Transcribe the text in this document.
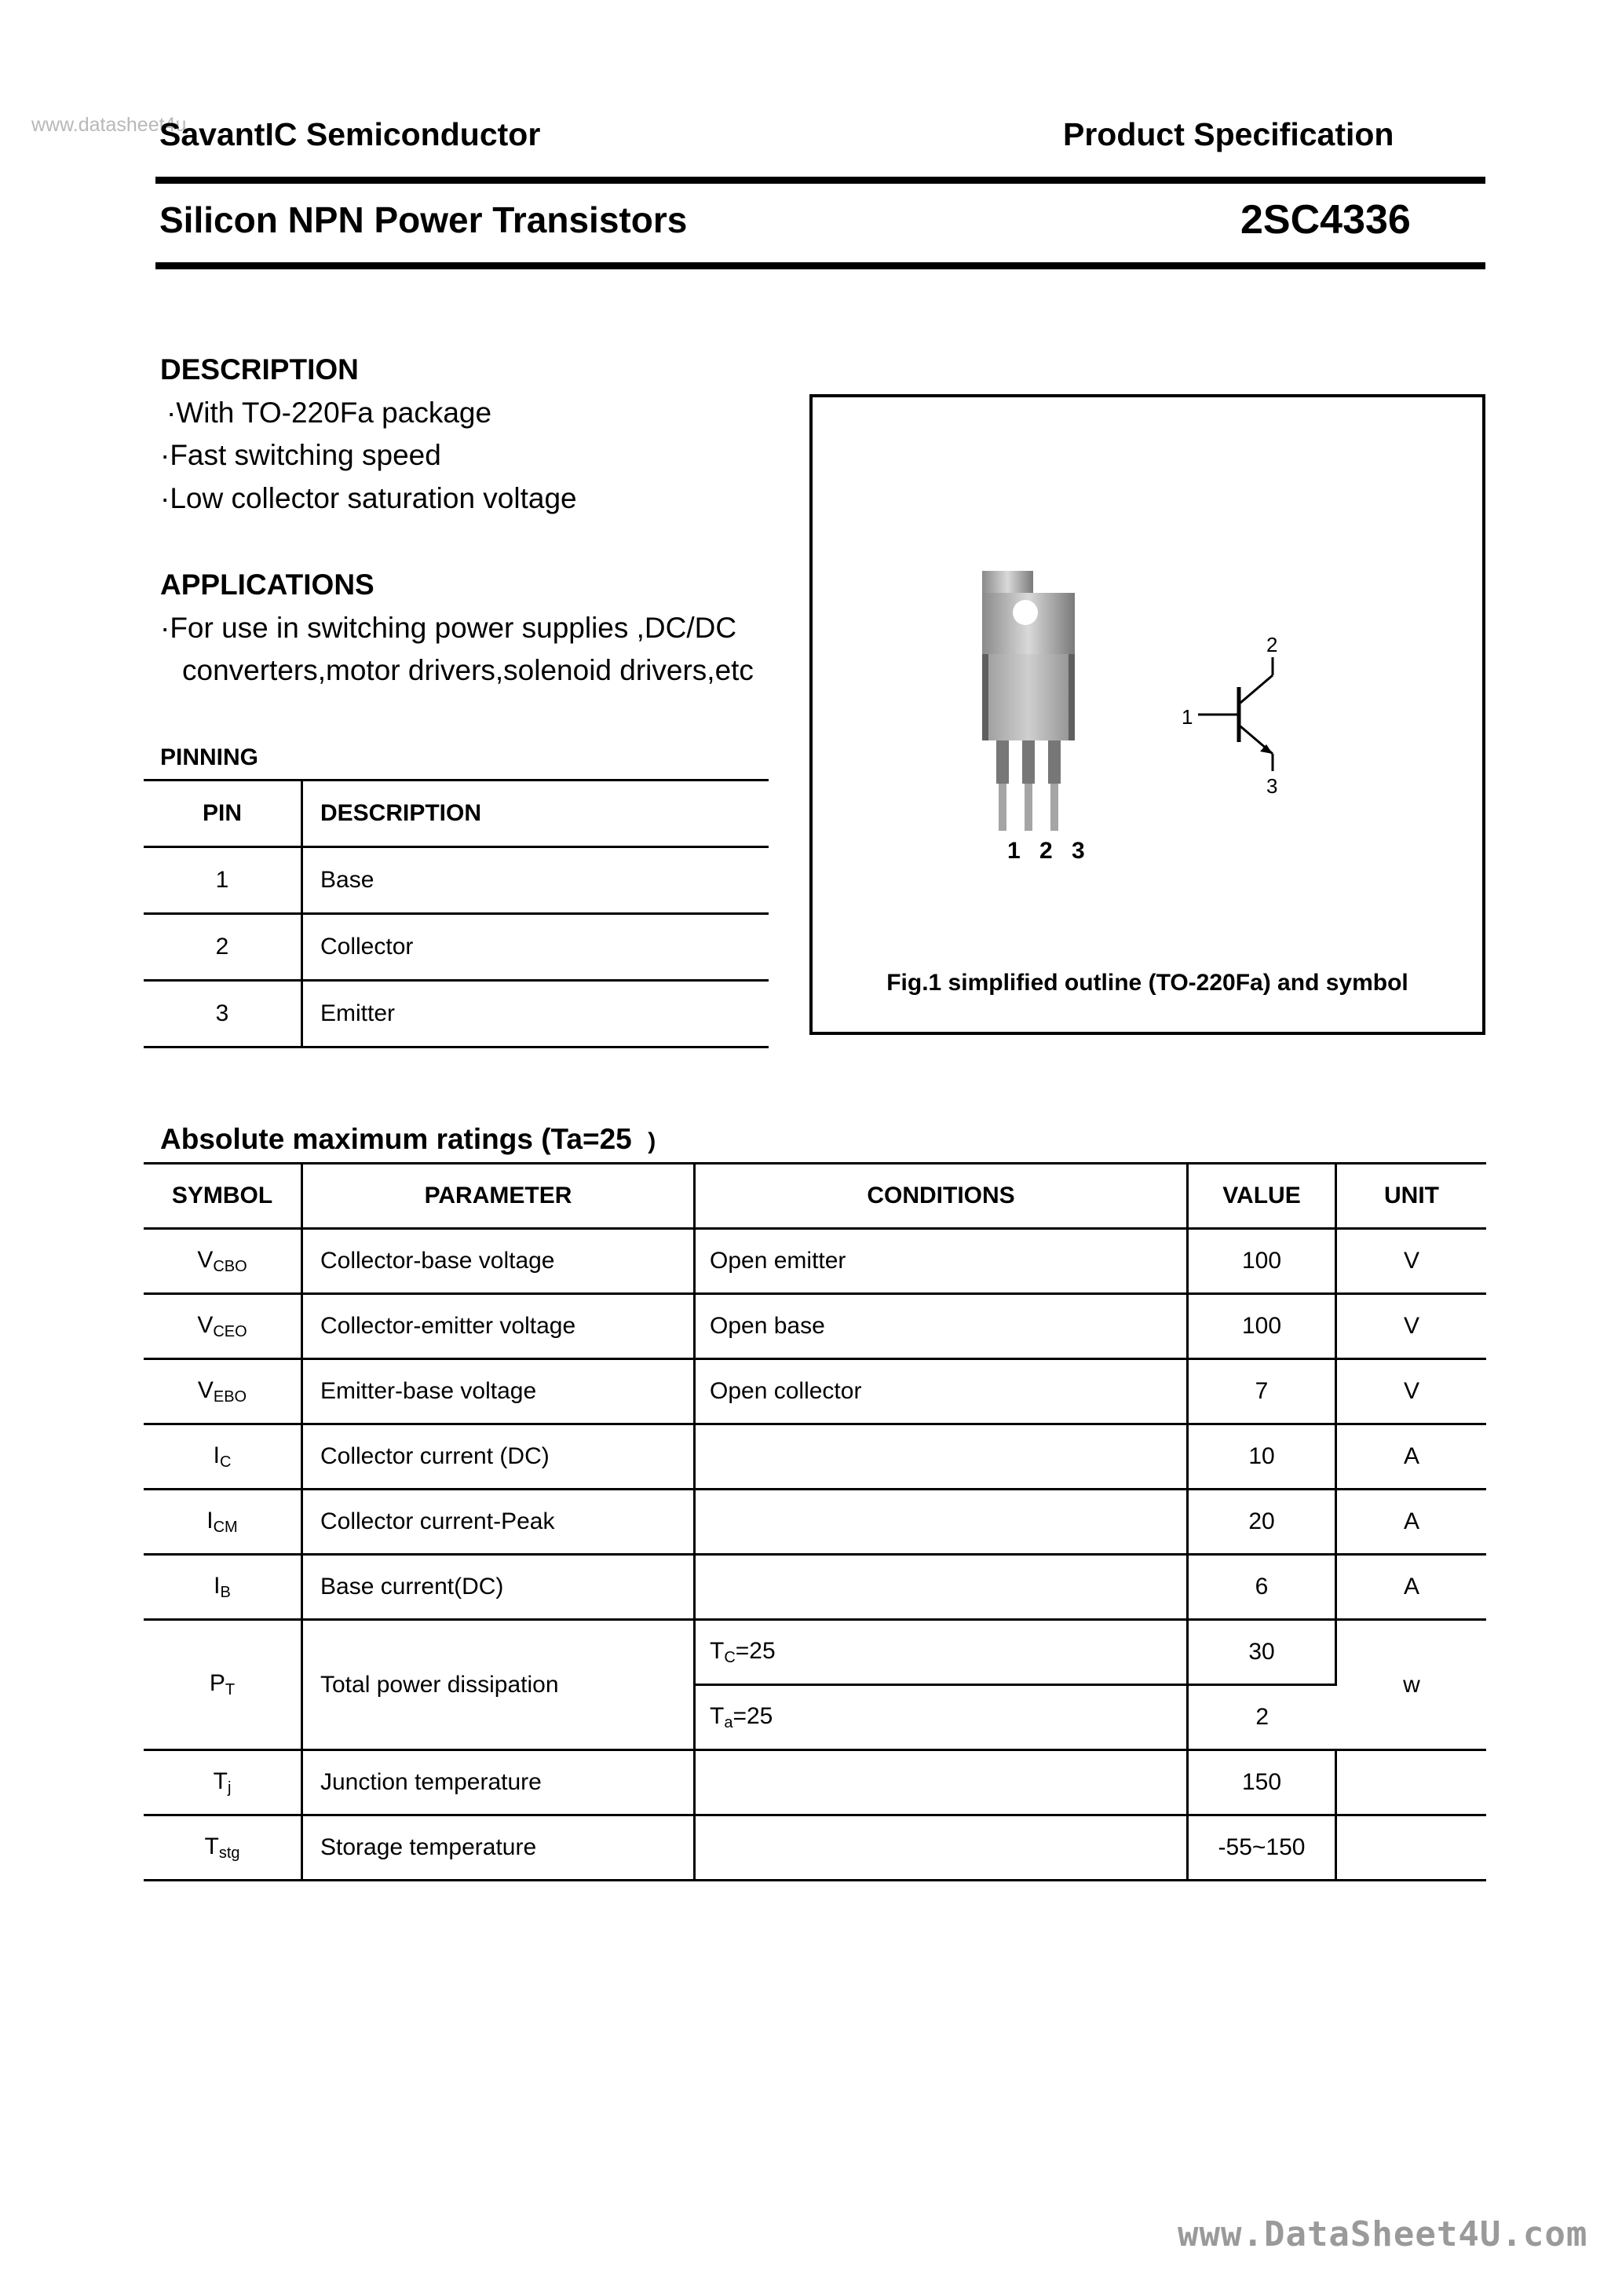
www.datasheet4u.
SavantIC Semiconductor	Product Specification
Silicon NPN Power Transistors	2SC4336
DESCRIPTION
·With TO-220Fa package
·Fast switching speed
·Low collector saturation voltage
APPLICATIONS
·For use in switching power supplies ,DC/DC
converters,motor drivers,solenoid drivers,etc
PINNING
PIN	DESCRIPTION
1	Base
2	Collector
3	Emitter
1 2 3
1
2
3
Fig.1 simplified outline (TO-220Fa) and symbol
Absolute maximum ratings (Ta=25 )
SYMBOL	PARAMETER	CONDITIONS	VALUE	UNIT
$V_{CBO}$	Collector-base voltage	Open emitter	100	V
$V_{CEO}$	Collector-emitter voltage	Open base	100	V
$V_{EBO}$	Emitter-base voltage	Open collector	7	V
$I_C$	Collector current (DC)		10	A
$I_{CM}$	Collector current-Peak		20	A
$I_B$	Base current(DC)		6	A
$P_T$	Total power dissipation	$T_C=25$	30	w
		$T_a=25$	2	
$T_j$	Junction temperature		150	
$T_{stg}$	Storage temperature		-55~150	
www.DataSheet4U.com
